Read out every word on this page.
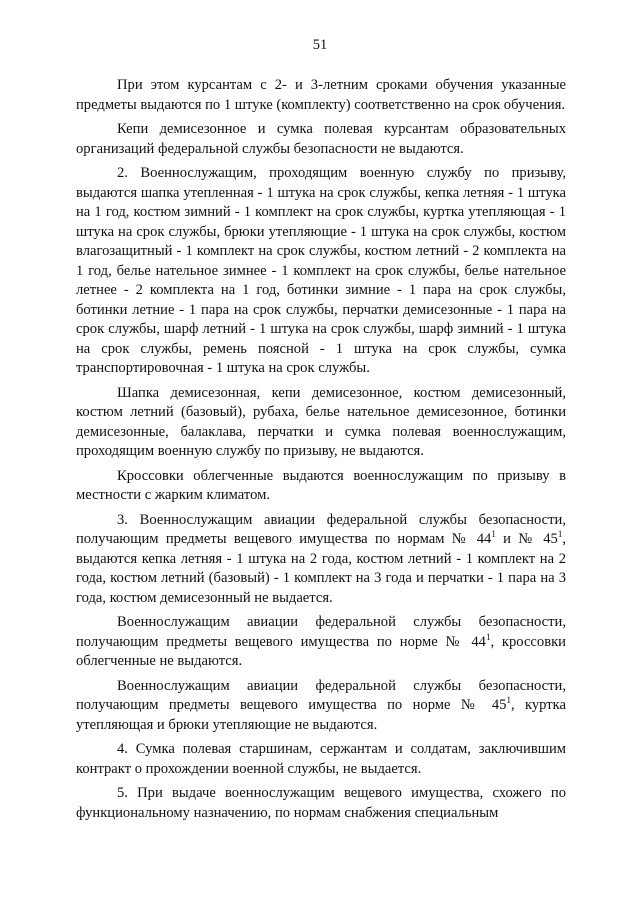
51

При этом курсантам с 2- и 3-летним сроками обучения указанные предметы выдаются по 1 штуке (комплекту) соответственно на срок обучения.

Кепи демисезонное и сумка полевая курсантам образовательных организаций федеральной службы безопасности не выдаются.

2. Военнослужащим, проходящим военную службу по призыву, выдаются шапка утепленная - 1 штука на срок службы, кепка летняя - 1 штука на 1 год, костюм зимний - 1 комплект на срок службы, куртка утепляющая - 1 штука на срок службы, брюки утепляющие - 1 штука на срок службы, костюм влагозащитный - 1 комплект на срок службы, костюм летний - 2 комплекта на 1 год, белье нательное зимнее - 1 комплект на срок службы, белье нательное летнее - 2 комплекта на 1 год, ботинки зимние - 1 пара на срок службы, ботинки летние - 1 пара на срок службы, перчатки демисезонные - 1 пара на срок службы, шарф летний - 1 штука на срок службы, шарф зимний - 1 штука на срок службы, ремень поясной - 1 штука на срок службы, сумка транспортировочная - 1 штука на срок службы.

Шапка демисезонная, кепи демисезонное, костюм демисезонный, костюм летний (базовый), рубаха, белье нательное демисезонное, ботинки демисезонные, балаклава, перчатки и сумка полевая военнослужащим, проходящим военную службу по призыву, не выдаются.

Кроссовки облегченные выдаются военнослужащим по призыву в местности с жарким климатом.

3. Военнослужащим авиации федеральной службы безопасности, получающим предметы вещевого имущества по нормам № $44^1$ и № $45^1$, выдаются кепка летняя - 1 штука на 2 года, костюм летний - 1 комплект на 2 года, костюм летний (базовый) - 1 комплект на 3 года и перчатки - 1 пара на 3 года, костюм демисезонный не выдается.

Военнослужащим авиации федеральной службы безопасности, получающим предметы вещевого имущества по норме № $44^1$, кроссовки облегченные не выдаются.

Военнослужащим авиации федеральной службы безопасности, получающим предметы вещевого имущества по норме № $45^1$, куртка утепляющая и брюки утепляющие не выдаются.

4. Сумка полевая старшинам, сержантам и солдатам, заключившим контракт о прохождении военной службы, не выдается.

5. При выдаче военнослужащим вещевого имущества, схожего по функциональному назначению, по нормам снабжения специальным
